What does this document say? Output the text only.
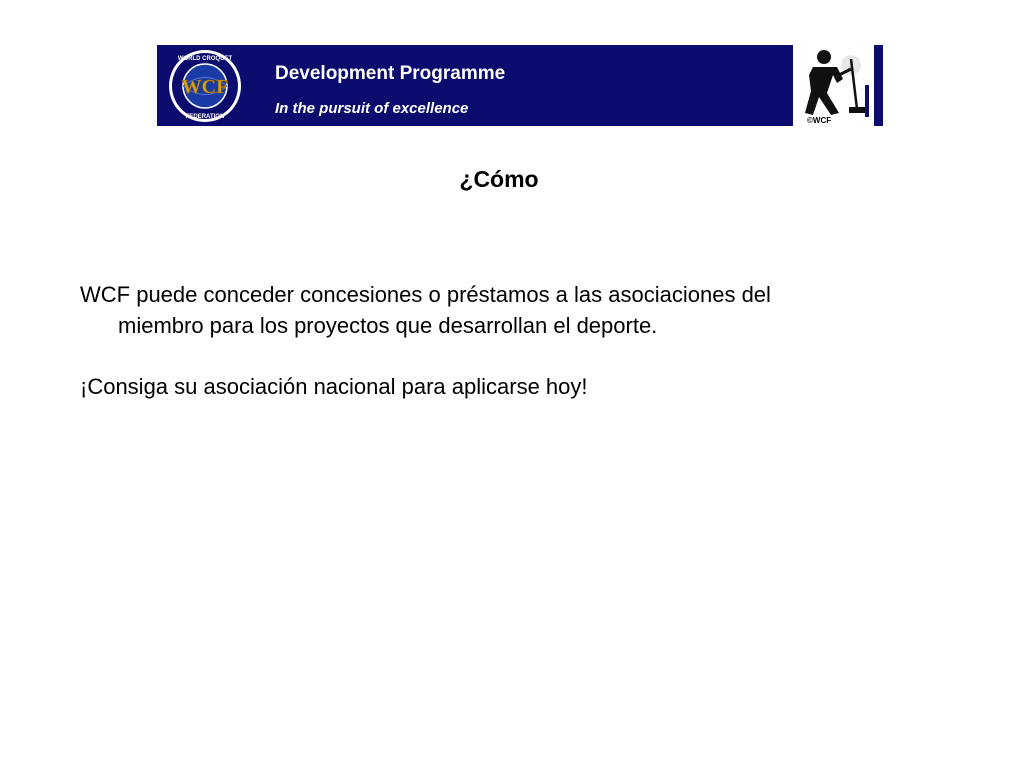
WCF
WORLD CROQUET
FEDERATION
Development Programme
In the pursuit of excellence
©WCF
¿Cómo
WCF puede conceder concesiones o préstamos a las asociaciones del
miembro para los proyectos que desarrollan el deporte.
¡Consiga su asociación nacional para aplicarse hoy!
